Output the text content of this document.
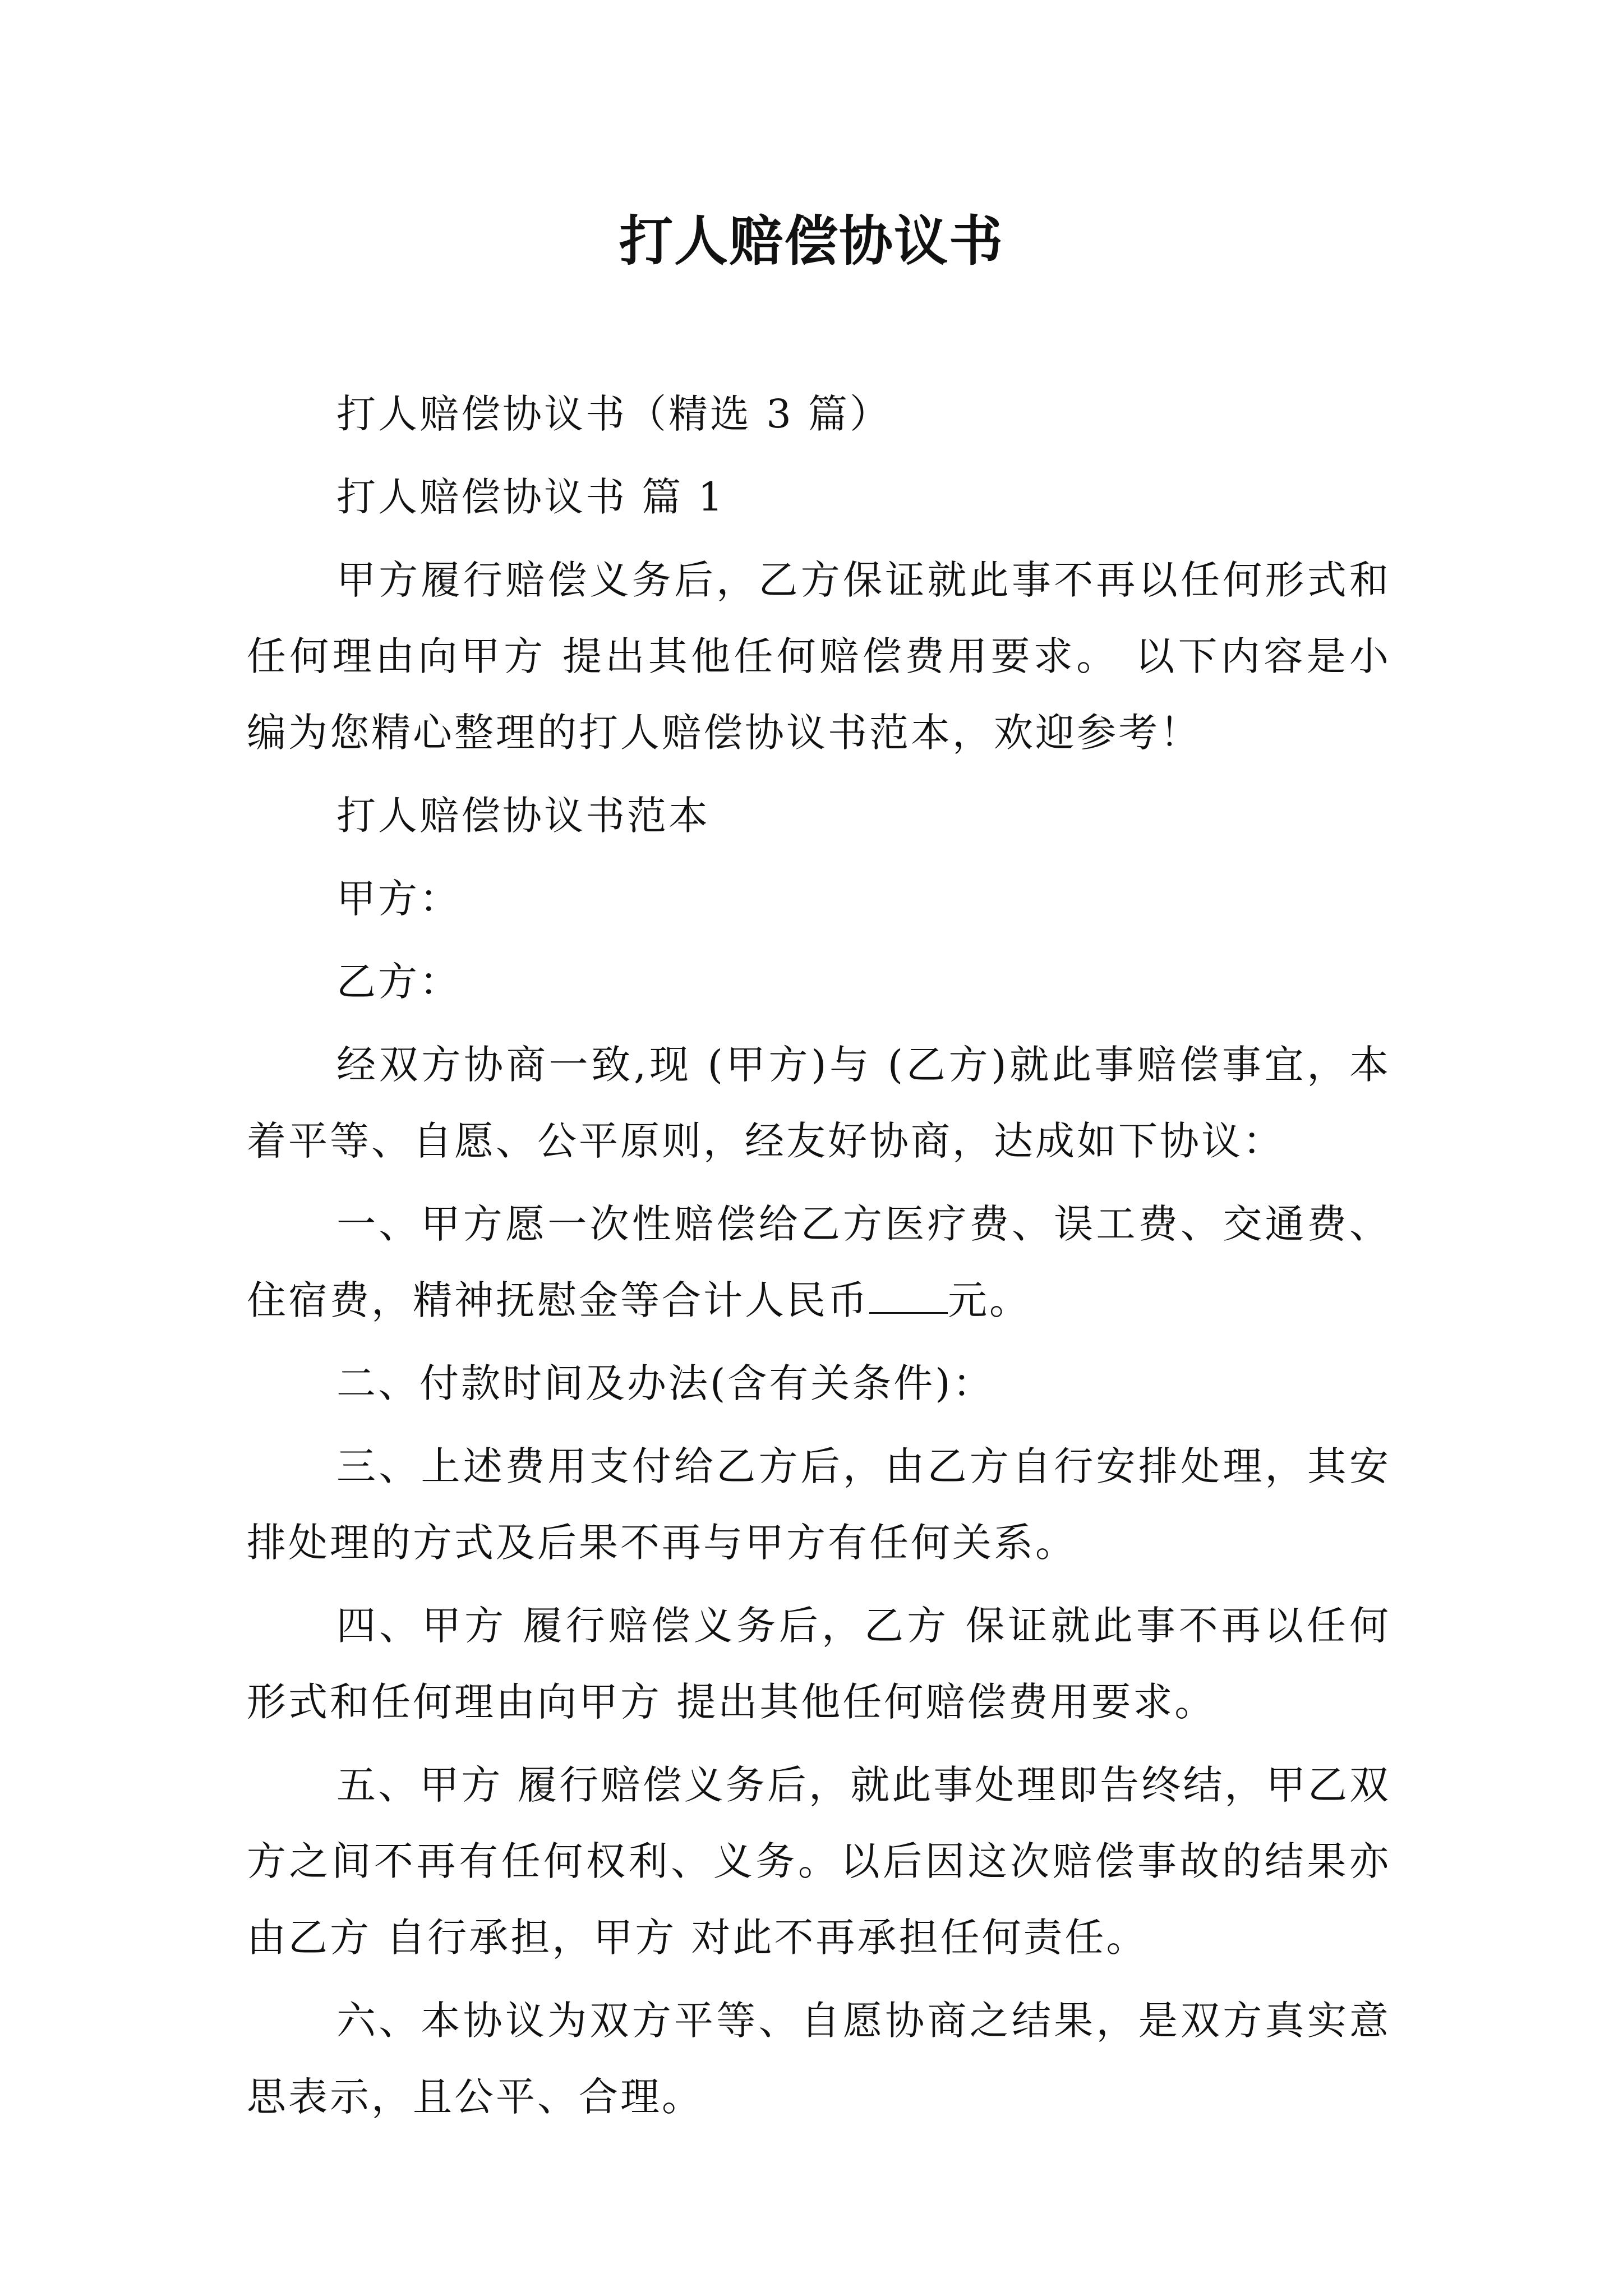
打人赔偿协议书

打人赔偿协议书（精选 3 篇）

打人赔偿协议书 篇 1

甲方履行赔偿义务后，乙方保证就此事不再以任何形式和任何理由向甲方 提出其他任何赔偿费用要求。 以下内容是小编为您精心整理的打人赔偿协议书范本，欢迎参考！

打人赔偿协议书范本

甲方：

乙方：

经双方协商一致,现 (甲方)与 (乙方)就此事赔偿事宜，本着平等、自愿、公平原则，经友好协商，达成如下协议：

一、甲方愿一次性赔偿给乙方医疗费、误工费、交通费、住宿费，精神抚慰金等合计人民币 元。

二、付款时间及办法(含有关条件)：

三、上述费用支付给乙方后，由乙方自行安排处理，其安排处理的方式及后果不再与甲方有任何关系。

四、甲方 履行赔偿义务后，乙方 保证就此事不再以任何形式和任何理由向甲方 提出其他任何赔偿费用要求。

五、甲方 履行赔偿义务后，就此事处理即告终结，甲乙双方之间不再有任何权利、义务。以后因这次赔偿事故的结果亦由乙方 自行承担，甲方 对此不再承担任何责任。

六、本协议为双方平等、自愿协商之结果，是双方真实意思表示，且公平、合理。
